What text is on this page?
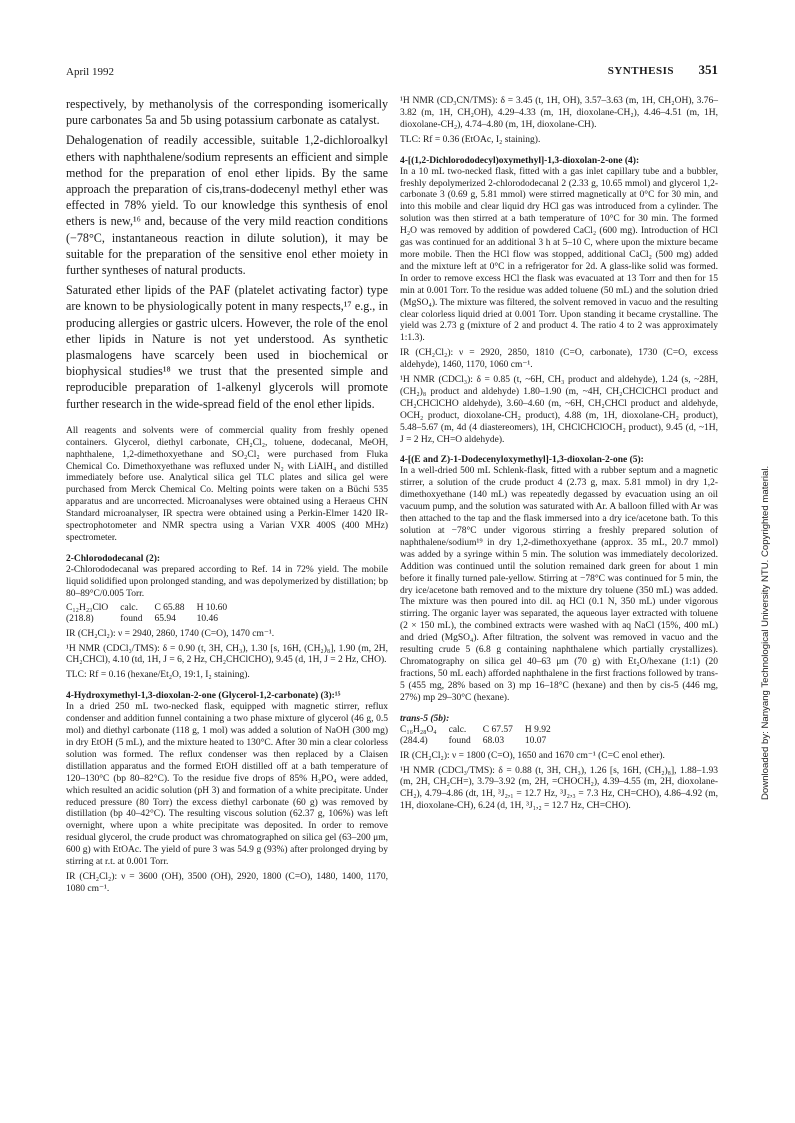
April 1992	SYNTHESIS 351

respectively, by methanolysis of the corresponding isomerically pure carbonates 5a and 5b using potassium carbonate as catalyst.

Dehalogenation of readily accessible, suitable 1,2-dichloroalkyl ethers with naphthalene/sodium represents an efficient and simple method for the preparation of enol ether lipids. By the same approach the preparation of cis,trans-dodecenyl methyl ether was effected in 78% yield. To our knowledge this synthesis of enol ethers is new,¹⁶ and, because of the very mild reaction conditions (−78°C, instantaneous reaction in dilute solution), it may be suitable for the preparation of the sensitive enol ether moiety in further syntheses of natural products.

Saturated ether lipids of the PAF (platelet activating factor) type are known to be physiologically potent in many respects,¹⁷ e.g., in producing allergies or gastric ulcers. However, the role of the enol ether lipids in Nature is not yet understood. As synthetic plasmalogens have scarcely been used in biochemical or biophysical studies¹⁸ we trust that the presented simple and reproducible preparation of 1-alkenyl glycerols will promote further research in the wide-spread field of the enol ether lipids.

All reagents and solvents were of commercial quality from freshly opened containers. Glycerol, diethyl carbonate, CH₂Cl₂, toluene, dodecanal, MeOH, naphthalene, 1,2-dimethoxyethane and SO₂Cl₂ were purchased from Fluka Chemical Co. Dimethoxyethane was refluxed under N₂ with LiAlH₄ and distilled immediately before use. Analytical silica gel TLC plates and silica gel were purchased from Merck Chemical Co. Melting points were taken on a Büchi 535 apparatus and are uncorrected. Microanalyses were obtained using a Heraeus CHN Standard microanalyser, IR spectra were obtained using a Perkin-Elmer 1420 IR-spectrophotometer and NMR spectra using a Varian VXR 400S (400 MHz) spectrometer.

2-Chlorododecanal (2):

2-Chlorododecanal was prepared according to Ref. 14 in 72% yield. The mobile liquid solidified upon prolonged standing, and was depolymerized by distillation; bp 80–89°C/0.005 Torr.

C₁₂H₂₃ClO	calc.	C 65.88	H 10.60
(218.8)	found	65.94	10.46

IR (CH₂Cl₂): ν = 2940, 2860, 1740 (C=O), 1470 cm⁻¹.

¹H NMR (CDCl₃/TMS): δ = 0.90 (t, 3H, CH₃), 1.30 [s, 16H, (CH₂)₈], 1.90 (m, 2H, CH₂CHCl), 4.10 (td, 1H, J = 6, 2 Hz, CH₂CHClCHO), 9.45 (d, 1H, J = 2 Hz, CHO).

TLC: Rf = 0.16 (hexane/Et₂O, 19:1, I₂ staining).

4-Hydroxymethyl-1,3-dioxolan-2-one (Glycerol-1,2-carbonate) (3):¹⁵

In a dried 250 mL two-necked flask, equipped with magnetic stirrer, reflux condenser and addition funnel containing a two phase mixture of glycerol (46 g, 0.5 mol) and diethyl carbonate (118 g, 1 mol) was added a solution of NaOH (300 mg) in dry EtOH (5 mL), and the mixture heated to 130°C. After 30 min a clear colorless solution was formed. The reflux condenser was then replaced by a Claisen distillation apparatus and the formed EtOH distilled off at a bath temperature of 120–130°C (bp 80–82°C). To the residue five drops of 85% H₃PO₄ were added, which resulted an acidic solution (pH 3) and formation of a white precipitate. Under reduced pressure (80 Torr) the excess diethyl carbonate (60 g) was removed by distillation (bp 40–42°C). The resulting viscous solution (62.37 g, 106%) was left overnight, where upon a white precipitate was deposited. In order to remove residual glycerol, the crude product was chromatographed on silica gel (63–200 μm, 600 g) with EtOAc. The yield of pure 3 was 54.9 g (93%) after prolonged drying by stirring at r.t. at 0.001 Torr.

IR (CH₂Cl₂): ν = 3600 (OH), 3500 (OH), 2920, 1800 (C=O), 1480, 1400, 1170, 1080 cm⁻¹.

¹H NMR (CD₃CN/TMS): δ = 3.45 (t, 1H, OH), 3.57–3.63 (m, 1H, CH₂OH), 3.76–3.82 (m, 1H, CH₂OH), 4.29–4.33 (m, 1H, dioxolane-CH₂), 4.46–4.51 (m, 1H, dioxolane-CH₂), 4.74–4.80 (m, 1H, dioxolane-CH).

TLC: Rf = 0.36 (EtOAc, I₂ staining).

4-[(1,2-Dichlorododecyl)oxymethyl]-1,3-dioxolan-2-one (4):

In a 10 mL two-necked flask, fitted with a gas inlet capillary tube and a bubbler, freshly depolymerized 2-chlorododecanal 2 (2.33 g, 10.65 mmol) and glycerol 1,2-carbonate 3 (0.69 g, 5.81 mmol) were stirred magnetically at 0°C for 30 min, and into this mobile and clear liquid dry HCl gas was introduced from a cylinder. The solution was then stirred at a bath temperature of 10°C for 30 min. The formed H₂O was removed by addition of powdered CaCl₂ (600 mg). Introduction of HCl gas was continued for an additional 3 h at 5–10 C, where upon the mixture became more mobile. Then the HCl flow was stopped, additional CaCl₂ (500 mg) added and the mixture left at 0°C in a refrigerator for 2d. A glass-like solid was formed. In order to remove excess HCl the flask was evacuated at 13 Torr and then for 15 min at 0.001 Torr. To the residue was added toluene (50 mL) and the solution dried (MgSO₄). The mixture was filtered, the solvent removed in vacuo and the resulting clear colorless liquid dried at 0.001 Torr. Upon standing it became crystalline. The yield was 2.73 g (mixture of 2 and product 4. The ratio 4 to 2 was approximately 1:1.3).

IR (CH₂Cl₂): ν = 2920, 2850, 1810 (C=O, carbonate), 1730 (C=O, excess aldehyde), 1460, 1170, 1060 cm⁻¹.

¹H NMR (CDCl₃): δ = 0.85 (t, ~6H, CH₃ product and aldehyde), 1.24 (s, ~28H, (CH₂)₈ product and aldehyde) 1.80–1.90 (m, ~4H, CH₂CHClCHCl product and CH₂CHClCHO aldehyde), 3.60–4.60 (m, ~6H, CH₂CHCl product and aldehyde, OCH₂ product, dioxolane-CH₂ product), 4.88 (m, 1H, dioxolane-CH₂ product), 5.48–5.67 (m, 4d (4 diastereomers), 1H, CHClCHClOCH₂ product), 9.45 (d, ~1H, J = 2 Hz, CH=O aldehyde).

4-[(E and Z)-1-Dodecenyloxymethyl]-1,3-dioxolan-2-one (5):

In a well-dried 500 mL Schlenk-flask, fitted with a rubber septum and a magnetic stirrer, a solution of the crude product 4 (2.73 g, max. 5.81 mmol) in dry 1,2-dimethoxyethane (140 mL) was repeatedly degassed by evacuation using an oil vacuum pump, and the solution was saturated with Ar. A balloon filled with Ar was then attached to the tap and the flask immersed into a dry ice/acetone bath. To this solution at −78°C under vigorous stirring a freshly prepared solution of naphthalene/sodium¹⁹ in dry 1,2-dimethoxyethane (approx. 35 mL, 20.7 mmol) was added by a syringe within 5 min. The solution was immediately decolorized. Addition was continued until the solution remained dark green for about 1 min before it finally turned pale-yellow. Stirring at −78°C was continued for 5 min, the dry ice/acetone bath removed and to the mixture dry toluene (350 mL) was added. The mixture was then poured into dil. aq HCl (0.1 N, 350 mL) under vigorous stirring. The organic layer was separated, the aqueous layer extracted with toluene (2 × 150 mL), the combined extracts were washed with aq NaCl (15%, 400 mL) and dried (MgSO₄). After filtration, the solvent was removed in vacuo and the resulting crude 5 (6.8 g containing naphthalene which partially crystallizes). Chromatography on silica gel 40–63 μm (70 g) with Et₂O/hexane (1:1) (20 fractions, 50 mL each) afforded naphthalene in the first fractions followed by trans-5 (455 mg, 28% based on 3) mp 16–18°C (hexane) and then by cis-5 (446 mg, 27%) mp 29–30°C (hexane).

trans-5 (5b):

C₁₆H₂₈O₄	calc.	C 67.57	H 9.92
(284.4)	found	68.03	10.07

IR (CH₂Cl₂): ν = 1800 (C=O), 1650 and 1670 cm⁻¹ (C=C enol ether).

¹H NMR (CDCl₃/TMS): δ = 0.88 (t, 3H, CH₃), 1.26 [s, 16H, (CH₂)₈], 1.88–1.93 (m, 2H, CH₂CH=), 3.79–3.92 (m, 2H, =CHOCH₂), 4.39–4.55 (m, 2H, dioxolane-CH₂), 4.79–4.86 (dt, 1H, ³J₂,₁ = 12.7 Hz, ³J₂,₃ = 7.3 Hz, CH=CHO), 4.86–4.92 (m, 1H, dioxolane-CH), 6.24 (d, 1H, ³J₁,₂ = 12.7 Hz, CH=CHO).

Downloaded by: Nanyang Technological University NTU. Copyrighted material.
